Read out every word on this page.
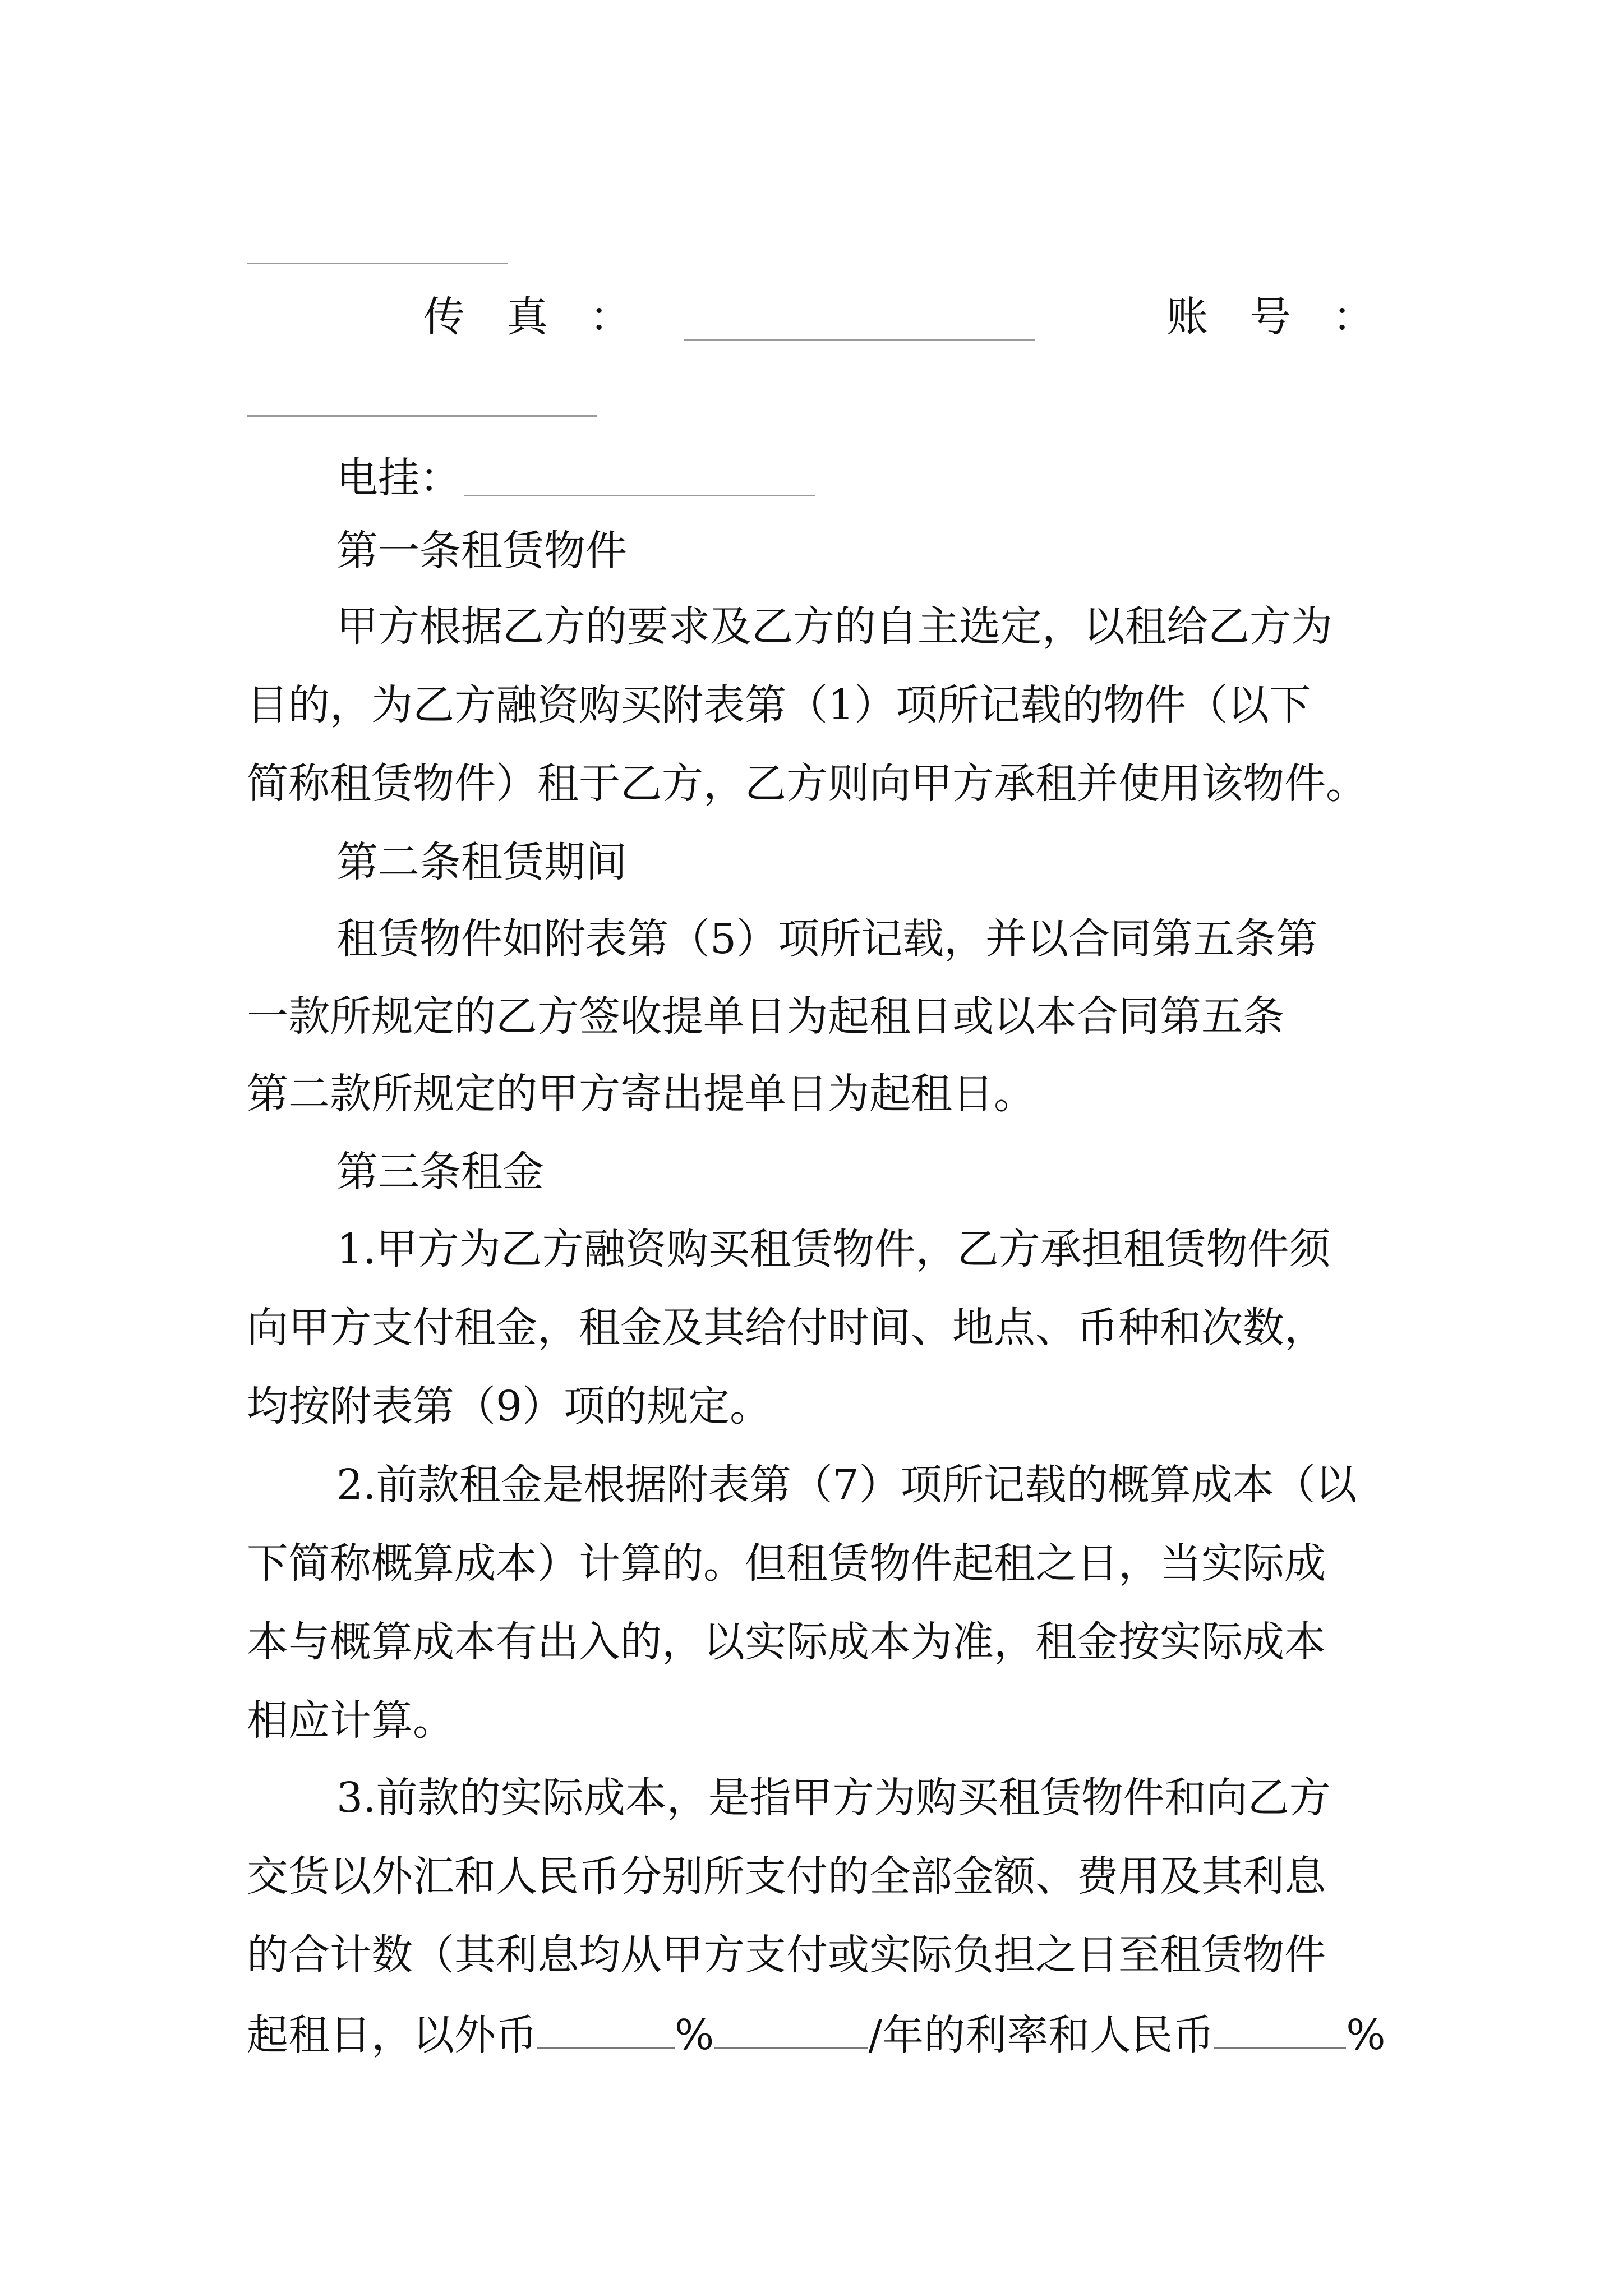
传　真　：	账　号　：
电挂：
第一条租赁物件
甲方根据乙方的要求及乙方的自主选定，以租给乙方为
目的，为乙方融资购买附表第（1）项所记载的物件（以下
简称租赁物件）租于乙方，乙方则向甲方承租并使用该物件。
第二条租赁期间
租赁物件如附表第（5）项所记载，并以合同第五条第
一款所规定的乙方签收提单日为起租日或以本合同第五条
第二款所规定的甲方寄出提单日为起租日。
第三条租金
1.甲方为乙方融资购买租赁物件，乙方承担租赁物件须
向甲方支付租金，租金及其给付时间、地点、币种和次数，
均按附表第（9）项的规定。
2.前款租金是根据附表第（7）项所记载的概算成本（以
下简称概算成本）计算的。但租赁物件起租之日，当实际成
本与概算成本有出入的，以实际成本为准，租金按实际成本
相应计算。
3.前款的实际成本，是指甲方为购买租赁物件和向乙方
交货以外汇和人民币分别所支付的全部金额、费用及其利息
的合计数（其利息均从甲方支付或实际负担之日至租赁物件
起租日，以外币	%	/年的利率和人民币	%
